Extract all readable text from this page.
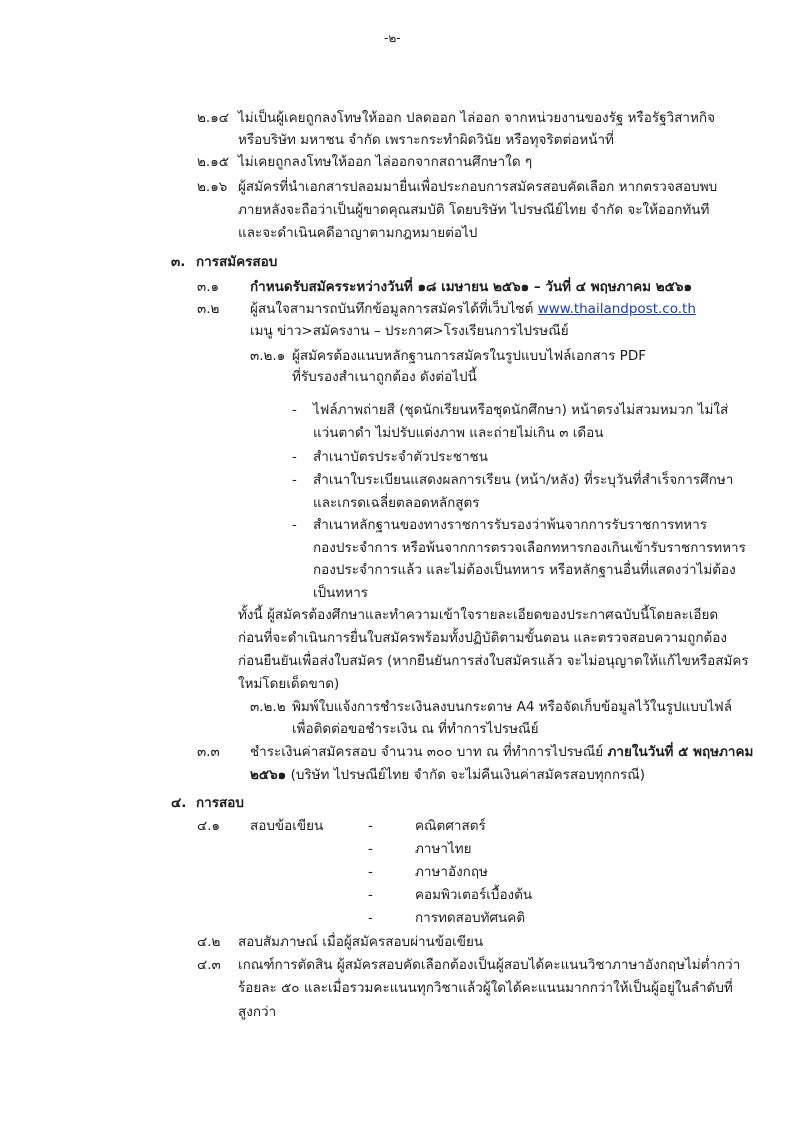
-๒-
๒.๑๔ ไม่เป็นผู้เคยถูกลงโทษให้ออก ปลดออก ไล่ออก จากหน่วยงานของรัฐ หรือรัฐวิสาหกิจ
หรือบริษัท มหาชน จำกัด เพราะกระทำผิดวินัย หรือทุจริตต่อหน้าที่
๒.๑๕ ไม่เคยถูกลงโทษให้ออก ไล่ออกจากสถานศึกษาใด ๆ
๒.๑๖ ผู้สมัครที่นำเอกสารปลอมมายื่นเพื่อประกอบการสมัครสอบคัดเลือก หากตรวจสอบพบ
ภายหลังจะถือว่าเป็นผู้ขาดคุณสมบัติ โดยบริษัท ไปรษณีย์ไทย จำกัด จะให้ออกทันที
และจะดำเนินคดีอาญาตามกฎหมายต่อไป
๓. การสมัครสอบ
๓.๑ กำหนดรับสมัครระหว่างวันที่ ๑๘ เมษายน ๒๕๖๑ – วันที่ ๔ พฤษภาคม ๒๕๖๑
๓.๒ ผู้สนใจสามารถบันทึกข้อมูลการสมัครได้ที่เว็บไซต์ www.thailandpost.co.th
เมนู ข่าว>สมัครงาน – ประกาศ>โรงเรียนการไปรษณีย์
๓.๒.๑ ผู้สมัครต้องแนบหลักฐานการสมัครในรูปแบบไฟล์เอกสาร PDF
ที่รับรองสำเนาถูกต้อง ดังต่อไปนี้
- ไฟล์ภาพถ่ายสี (ชุดนักเรียนหรือชุดนักศึกษา) หน้าตรงไม่สวมหมวก ไม่ใส่
แว่นตาดำ ไม่ปรับแต่งภาพ และถ่ายไม่เกิน ๓ เดือน
- สำเนาบัตรประจำตัวประชาชน
- สำเนาใบระเบียนแสดงผลการเรียน (หน้า/หลัง) ที่ระบุวันที่สำเร็จการศึกษา
และเกรดเฉลี่ยตลอดหลักสูตร
- สำเนาหลักฐานของทางราชการรับรองว่าพ้นจากการรับราชการทหาร
กองประจำการ หรือพ้นจากการตรวจเลือกทหารกองเกินเข้ารับราชการทหาร
กองประจำการแล้ว และไม่ต้องเป็นทหาร หรือหลักฐานอื่นที่แสดงว่าไม่ต้อง
เป็นทหาร
ทั้งนี้ ผู้สมัครต้องศึกษาและทำความเข้าใจรายละเอียดของประกาศฉบับนี้โดยละเอียด
ก่อนที่จะดำเนินการยื่นใบสมัครพร้อมทั้งปฏิบัติตามขั้นตอน และตรวจสอบความถูกต้อง
ก่อนยืนยันเพื่อส่งใบสมัคร (หากยืนยันการส่งใบสมัครแล้ว จะไม่อนุญาตให้แก้ไขหรือสมัคร
ใหม่โดยเด็ดขาด)
๓.๒.๒ พิมพ์ใบแจ้งการชำระเงินลงบนกระดาษ A4 หรือจัดเก็บข้อมูลไว้ในรูปแบบไฟล์
เพื่อติดต่อขอชำระเงิน ณ ที่ทำการไปรษณีย์
๓.๓ ชำระเงินค่าสมัครสอบ จำนวน ๓๐๐ บาท ณ ที่ทำการไปรษณีย์ ภายในวันที่ ๕ พฤษภาคม
๒๕๖๑ (บริษัท ไปรษณีย์ไทย จำกัด จะไม่คืนเงินค่าสมัครสอบทุกกรณี)
๔. การสอบ
๔.๑ สอบข้อเขียน	-	คณิตศาสตร์
-	ภาษาไทย
-	ภาษาอังกฤษ
-	คอมพิวเตอร์เบื้องต้น
-	การทดสอบทัศนคติ
๔.๒ สอบสัมภาษณ์ เมื่อผู้สมัครสอบผ่านข้อเขียน
๔.๓ เกณฑ์การตัดสิน ผู้สมัครสอบคัดเลือกต้องเป็นผู้สอบได้คะแนนวิชาภาษาอังกฤษไม่ต่ำกว่า
ร้อยละ ๕๐ และเมื่อรวมคะแนนทุกวิชาแล้วผู้ใดได้คะแนนมากกว่าให้เป็นผู้อยู่ในลำดับที่
สูงกว่า
